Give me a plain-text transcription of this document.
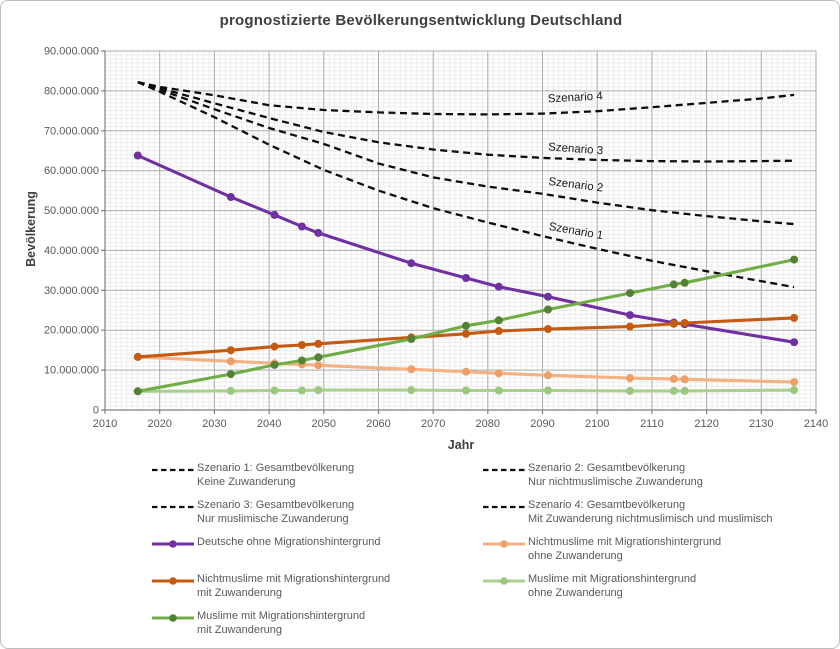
2010	2020	2030	2040	2050	2060	2070	2080	2090	2100	2110	2120	2130	2140
0
10.000.000
20.000.000
30.000.000
40.000.000
50.000.000
60.000.000
70.000.000
80.000.000
90.000.000
Szenario 4
Szenario 3
Szenario 2
Szenario 1
prognostizierte Bevölkerungsentwicklung Deutschland
Bevölkerung
Jahr
Szenario 1: Gesamtbevölkerung
Keine Zuwanderung
Szenario 3: Gesamtbevölkerung
Nur muslimische Zuwanderung
Deutsche ohne Migrationshintergrund
Nichtmuslime mit Migrationshintergrund
mit Zuwanderung
Muslime mit Migrationshintergrund
mit Zuwanderung
Szenario 2: Gesamtbevölkerung
Nur nichtmuslimische Zuwanderung
Szenario 4: Gesamtbevölkerung
Mit Zuwanderung nichtmuslimisch und muslimisch
Nichtmuslime mit Migrationshintergrund
ohne Zuwanderung
Muslime mit Migrationshintergrund
ohne Zuwanderung
